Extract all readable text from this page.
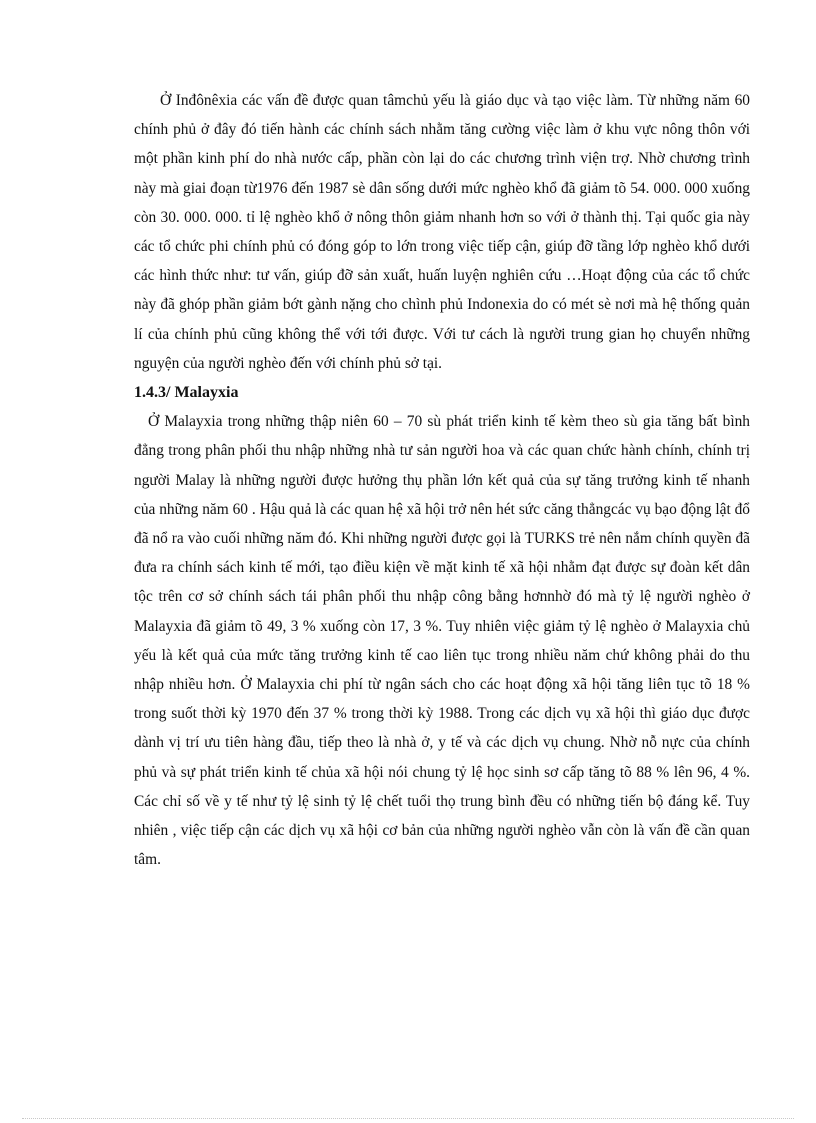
Ở Inđônêxia các vấn đề được quan tâmchủ yếu là giáo dục và tạo việc làm. Từ những năm 60 chính phủ ở đây đó tiến hành các chính sách nhằm tăng cường việc làm ở khu vực nông thôn với một phần kinh phí do nhà nước cấp, phần còn lại do các chương trình viện trợ. Nhờ chương trình này mà giai đoạn từ1976 đến 1987 sè dân sống dưới mức nghèo khổ đã giảm tõ 54. 000. 000 xuống còn 30. 000. 000. tỉ lệ nghèo khổ ở nông thôn giảm nhanh hơn so với ở thành thị. Tại quốc gia này các tổ chức phi chính phủ có đóng góp to lớn trong việc tiếp cận, giúp đỡ tầng lớp nghèo khổ dưới các hình thức như: tư vấn, giúp đỡ sản xuất, huấn luyện nghiên cứu …Hoạt động của các tổ chức này đã ghóp phần giảm bớt gành nặng cho chình phủ Indonexia do có mét sè nơi mà hệ thống quản lí của chính phủ cũng không thể với tới được. Với tư cách là người trung gian họ chuyển những nguyện của người nghèo đến với chính phủ sở tại.

1.4.3/ Malayxia

Ở Malayxia trong những thập niên 60 – 70 sù phát triển kinh tế kèm theo sù gia tăng bất bình đẳng trong phân phối thu nhập những nhà tư sản người hoa và các quan chức hành chính, chính trị người Malay là những người được hưởng thụ phần lớn kết quả của sự tăng trưởng kinh tế nhanh của những năm 60 . Hậu quả là các quan hệ xã hội trở nên hét sức căng thẳngcác vụ bạo động lật đổ đã nổ ra vào cuối những năm đó. Khi những người được gọi là TURKS trẻ nên nắm chính quyền đã đưa ra chính sách kinh tế mới, tạo điều kiện về mặt kinh tế xã hội nhằm đạt được sự đoàn kết dân tộc trên cơ sở chính sách tái phân phối thu nhập công bằng hơnnhờ đó mà tỷ lệ người nghèo ở Malayxia đã giảm tõ 49, 3 % xuống còn 17, 3 %. Tuy nhiên việc giảm tỷ lệ nghèo ở Malayxia chủ yếu là kết quả của mức tăng trưởng kinh tế cao liên tục trong nhiều năm chứ không phải do thu nhập nhiều hơn. Ở Malayxia chi phí từ ngân sách cho các hoạt động xã hội tăng liên tục tõ 18 % trong suốt thời kỳ 1970 đến 37 % trong thời kỳ 1988. Trong các dịch vụ xã hội thì giáo dục được dành vị trí ưu tiên hàng đầu, tiếp theo là nhà ở, y tế và các dịch vụ chung. Nhờ nỗ nực của chính phủ và sự phát triển kinh tế chủa xã hội nói chung tỷ lệ học sinh sơ cấp tăng tõ 88 % lên 96, 4 %. Các chỉ số về y tế như tỷ lệ sinh tỷ lệ chết tuổi thọ trung bình đều có những tiến bộ đáng kể. Tuy nhiên , việc tiếp cận các dịch vụ xã hội cơ bản của những người nghèo vẫn còn là vấn đề cần quan tâm.
